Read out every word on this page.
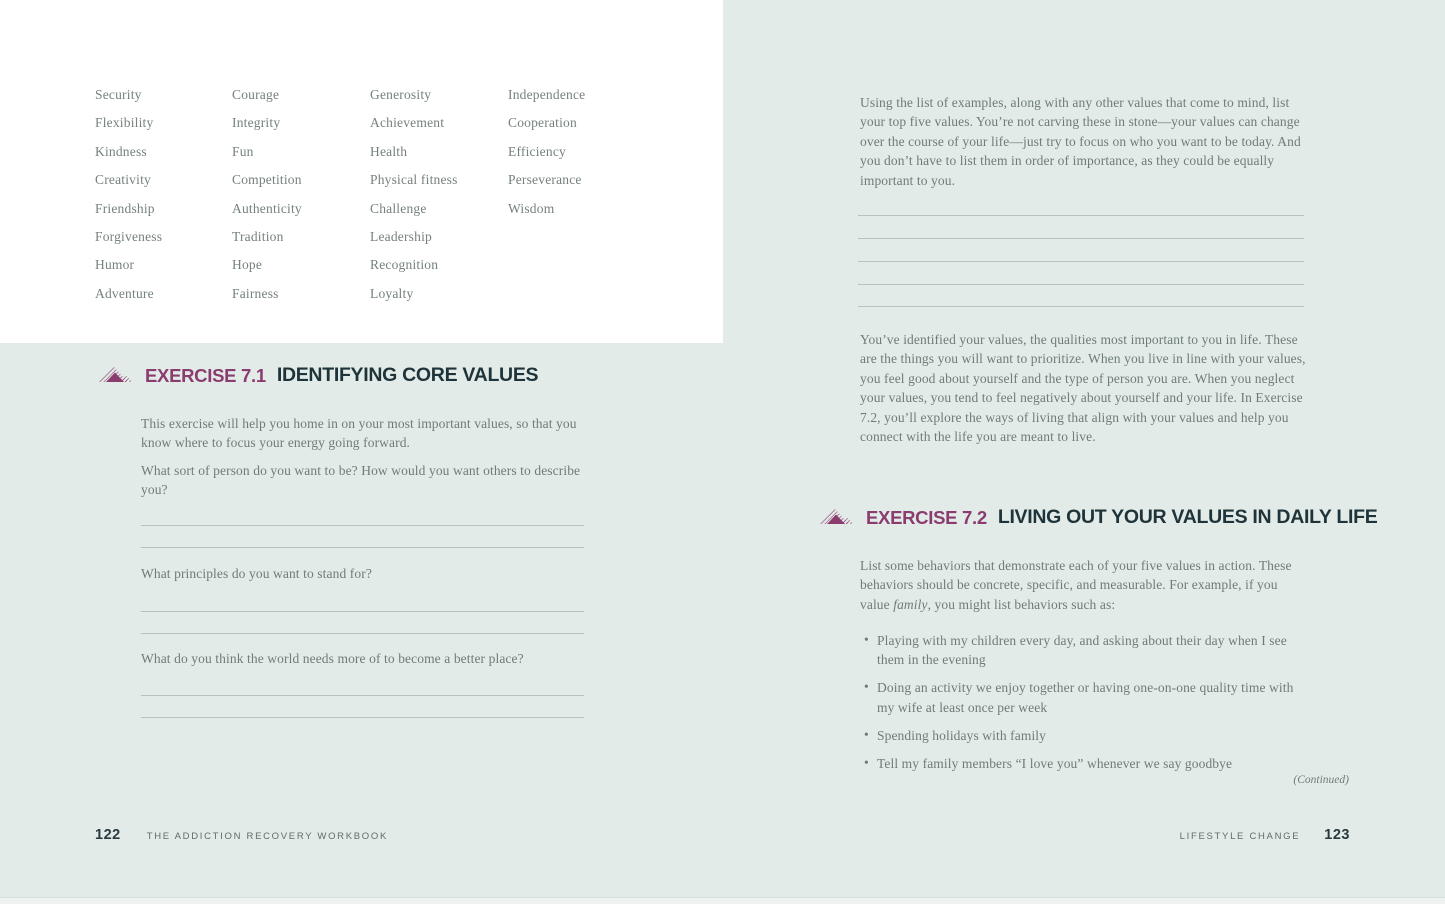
Security
Flexibility
Kindness
Creativity
Friendship
Forgiveness
Humor
Adventure
Courage
Integrity
Fun
Competition
Authenticity
Tradition
Hope
Fairness
Generosity
Achievement
Health
Physical fitness
Challenge
Leadership
Recognition
Loyalty
Independence
Cooperation
Efficiency
Perseverance
Wisdom
EXERCISE 7.1 IDENTIFYING CORE VALUES
This exercise will help you home in on your most important values, so that you know where to focus your energy going forward.
What sort of person do you want to be? How would you want others to describe you?
What principles do you want to stand for?
What do you think the world needs more of to become a better place?
Using the list of examples, along with any other values that come to mind, list your top five values. You’re not carving these in stone—your values can change over the course of your life—just try to focus on who you want to be today. And you don’t have to list them in order of importance, as they could be equally important to you.
You’ve identified your values, the qualities most important to you in life. These are the things you will want to prioritize. When you live in line with your values, you feel good about yourself and the type of person you are. When you neglect your values, you tend to feel negatively about yourself and your life. In Exercise 7.2, you’ll explore the ways of living that align with your values and help you connect with the life you are meant to live.
EXERCISE 7.2 LIVING OUT YOUR VALUES IN DAILY LIFE
List some behaviors that demonstrate each of your five values in action. These behaviors should be concrete, specific, and measurable. For example, if you value family, you might list behaviors such as:
• Playing with my children every day, and asking about their day when I see them in the evening
• Doing an activity we enjoy together or having one-on-one quality time with my wife at least once per week
• Spending holidays with family
• Tell my family members “I love you” whenever we say goodbye
(Continued)
122	THE ADDICTION RECOVERY WORKBOOK	LIFESTYLE CHANGE 123
